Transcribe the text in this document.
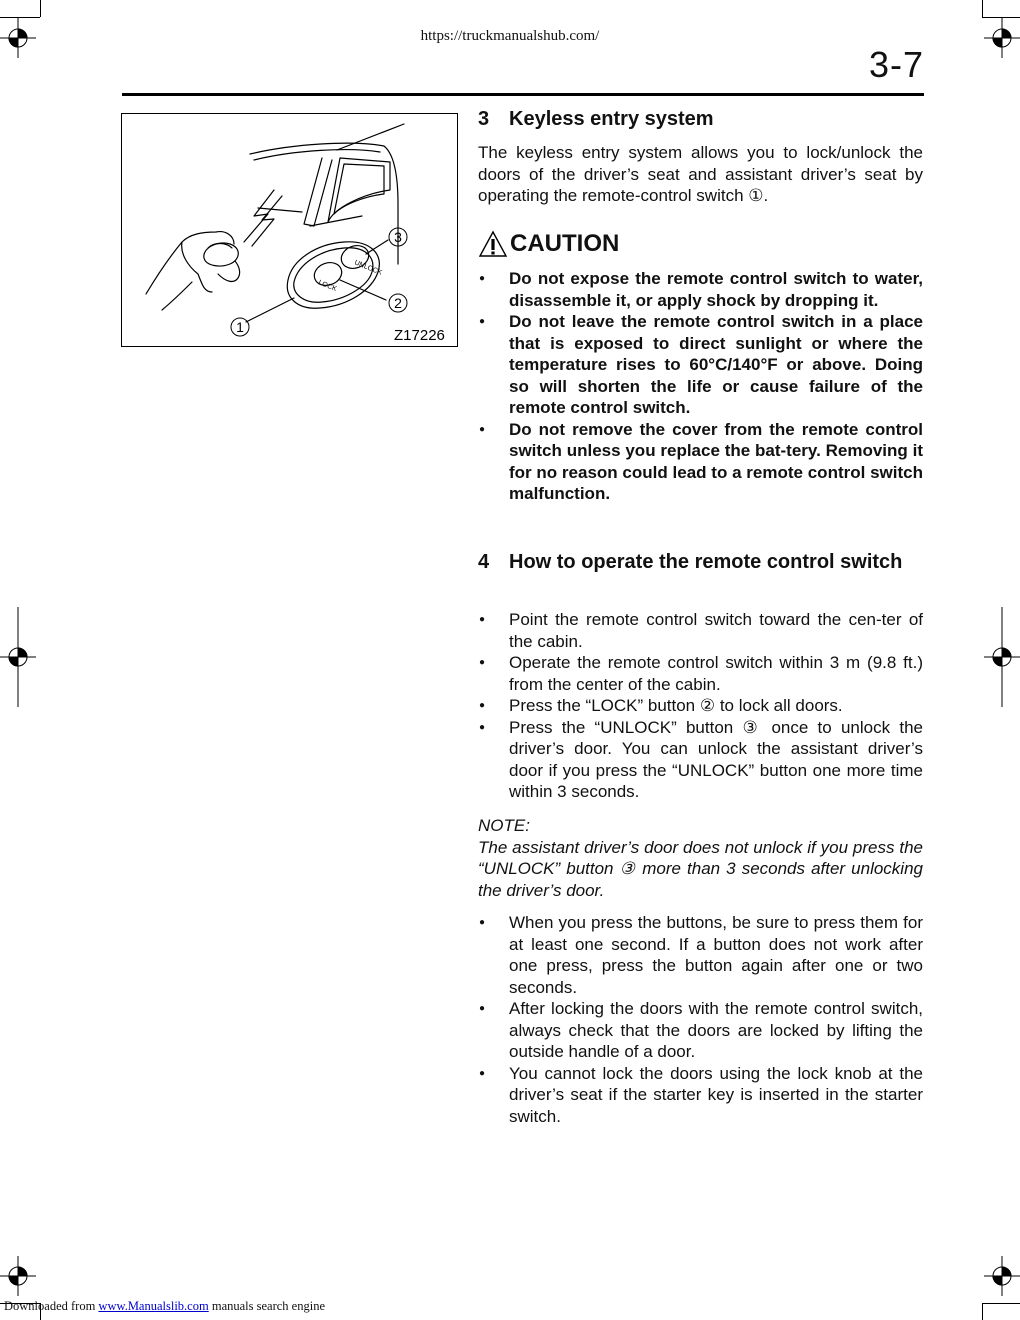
https://truckmanualshub.com/
3-7
UNLOCK
LOCK
3
2
1	Z17226
3 Keyless entry system
The keyless entry system allows you to lock/unlock the doors of the driver’s seat and assistant driver’s seat by operating the remote-control switch ①.
CAUTION
● Do not expose the remote control switch to water, disassemble it, or apply shock by dropping it.
● Do not leave the remote control switch in a place that is exposed to direct sunlight or where the temperature rises to 60°C/140°F or above. Doing so will shorten the life or cause failure of the remote control switch.
● Do not remove the cover from the remote control switch unless you replace the bat-tery. Removing it for no reason could lead to a remote control switch malfunction.
4 How to operate the remote control switch
● Point the remote control switch toward the cen-ter of the cabin.
● Operate the remote control switch within 3 m (9.8 ft.) from the center of the cabin.
● Press the “LOCK” button ② to lock all doors.
● Press the “UNLOCK” button ③ once to unlock the driver’s door. You can unlock the assistant driver’s door if you press the “UNLOCK” button one more time within 3 seconds.
NOTE:
The assistant driver’s door does not unlock if you press the “UNLOCK” button ③ more than 3 seconds after unlocking the driver’s door.
● When you press the buttons, be sure to press them for at least one second. If a button does not work after one press, press the button again after one or two seconds.
● After locking the doors with the remote control switch, always check that the doors are locked by lifting the outside handle of a door.
● You cannot lock the doors using the lock knob at the driver’s seat if the starter key is inserted in the starter switch.
Downloaded from www.Manualslib.com manuals search engine
